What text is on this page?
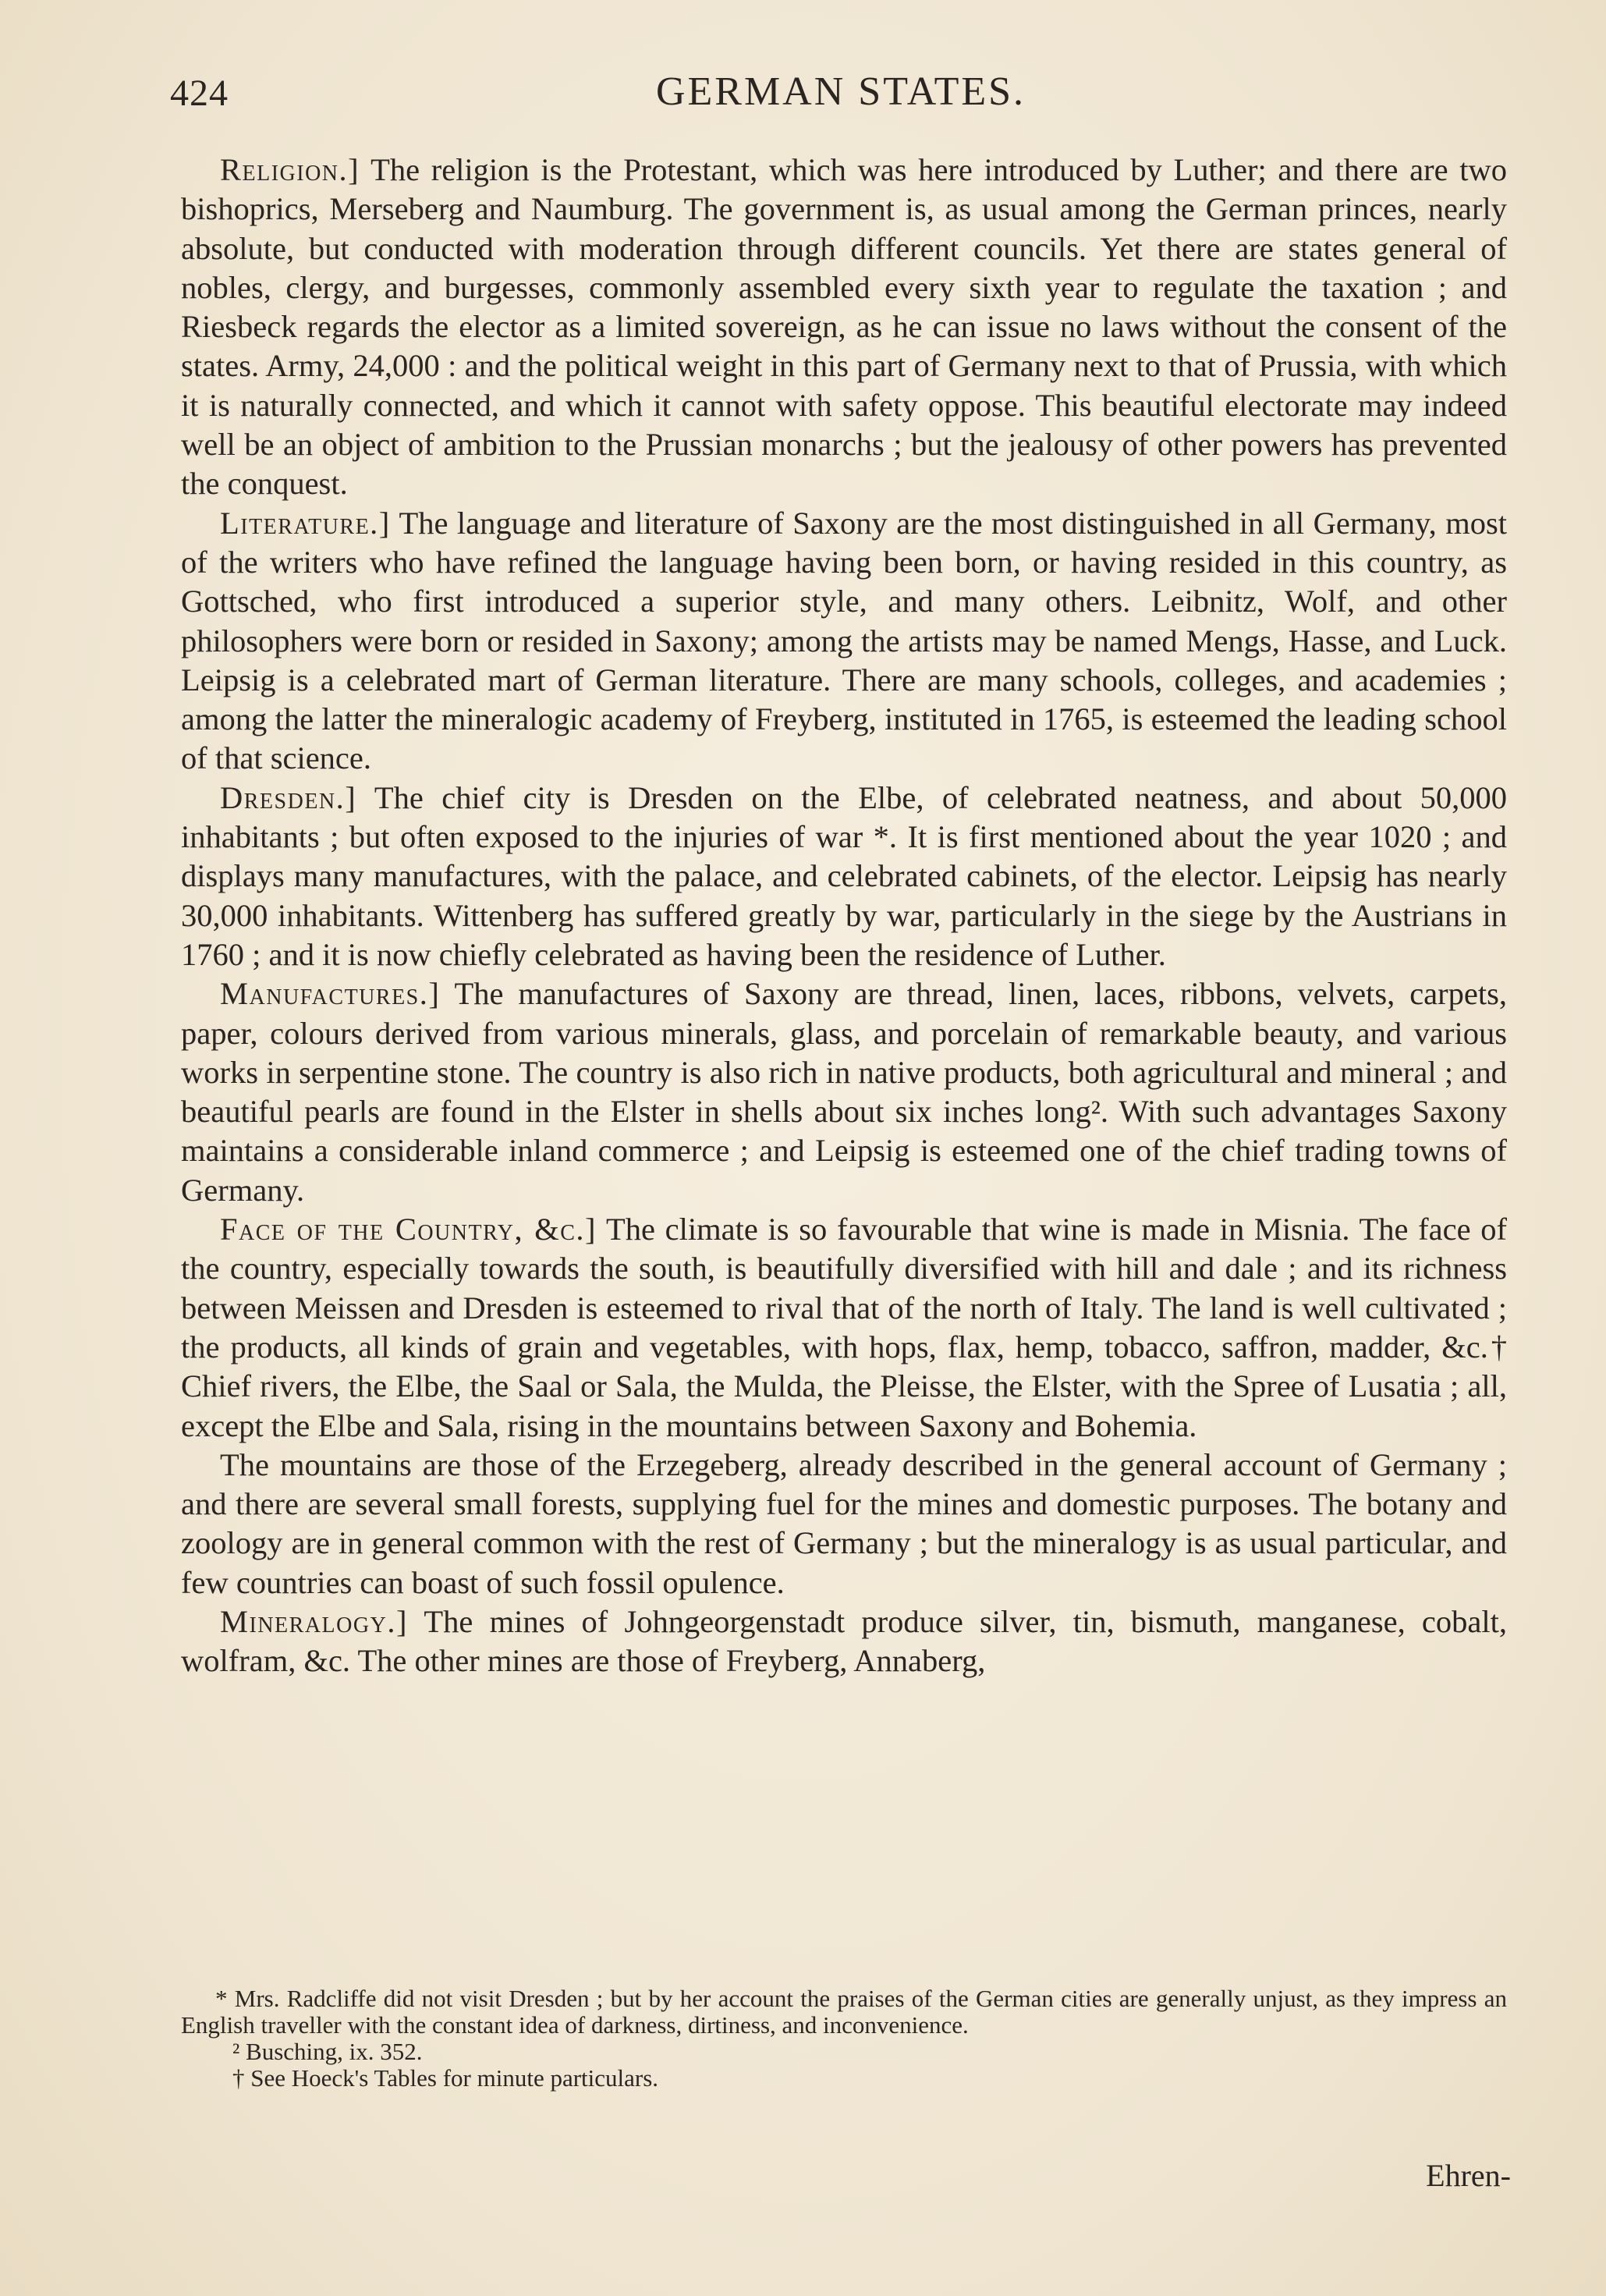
424	GERMAN STATES.

Religion.] The religion is the Protestant, which was here introduced by Luther; and there are two bishoprics, Merseberg and Naumburg. The government is, as usual among the German princes, nearly absolute, but conducted with moderation through different councils. Yet there are states general of nobles, clergy, and burgesses, commonly assembled every sixth year to regulate the taxation ; and Riesbeck regards the elector as a limited sovereign, as he can issue no laws without the consent of the states. Army, 24,000 : and the political weight in this part of Germany next to that of Prussia, with which it is naturally connected, and which it cannot with safety oppose. This beautiful electorate may indeed well be an object of ambition to the Prussian monarchs ; but the jealousy of other powers has prevented the conquest.

Literature.] The language and literature of Saxony are the most distinguished in all Germany, most of the writers who have refined the language having been born, or having resided in this country, as Gottsched, who first introduced a superior style, and many others. Leibnitz, Wolf, and other philosophers were born or resided in Saxony; among the artists may be named Mengs, Hasse, and Luck. Leipsig is a celebrated mart of German literature. There are many schools, colleges, and academies ; among the latter the mineralogic academy of Freyberg, instituted in 1765, is esteemed the leading school of that science.

Dresden.] The chief city is Dresden on the Elbe, of celebrated neatness, and about 50,000 inhabitants ; but often exposed to the injuries of war *. It is first mentioned about the year 1020 ; and displays many manufactures, with the palace, and celebrated cabinets, of the elector. Leipsig has nearly 30,000 inhabitants. Wittenberg has suffered greatly by war, particularly in the siege by the Austrians in 1760 ; and it is now chiefly celebrated as having been the residence of Luther.

Manufactures.] The manufactures of Saxony are thread, linen, laces, ribbons, velvets, carpets, paper, colours derived from various minerals, glass, and porcelain of remarkable beauty, and various works in serpentine stone. The country is also rich in native products, both agricultural and mineral ; and beautiful pearls are found in the Elster in shells about six inches long². With such advantages Saxony maintains a considerable inland commerce ; and Leipsig is esteemed one of the chief trading towns of Germany.

Face of the Country, &c.] The climate is so favourable that wine is made in Misnia. The face of the country, especially towards the south, is beautifully diversified with hill and dale ; and its richness between Meissen and Dresden is esteemed to rival that of the north of Italy. The land is well cultivated ; the products, all kinds of grain and vegetables, with hops, flax, hemp, tobacco, saffron, madder, &c.† Chief rivers, the Elbe, the Saal or Sala, the Mulda, the Pleisse, the Elster, with the Spree of Lusatia ; all, except the Elbe and Sala, rising in the mountains between Saxony and Bohemia.

The mountains are those of the Erzegeberg, already described in the general account of Germany ; and there are several small forests, supplying fuel for the mines and domestic purposes. The botany and zoology are in general common with the rest of Germany ; but the mineralogy is as usual particular, and few countries can boast of such fossil opulence.

Mineralogy.] The mines of Johngeorgenstadt produce silver, tin, bismuth, manganese, cobalt, wolfram, &c. The other mines are those of Freyberg, Annaberg,

* Mrs. Radcliffe did not visit Dresden ; but by her account the praises of the German cities are generally unjust, as they impress an English traveller with the constant idea of darkness, dirtiness, and inconvenience.

² Busching, ix. 352.

† See Hoeck's Tables for minute particulars.

Ehren-
